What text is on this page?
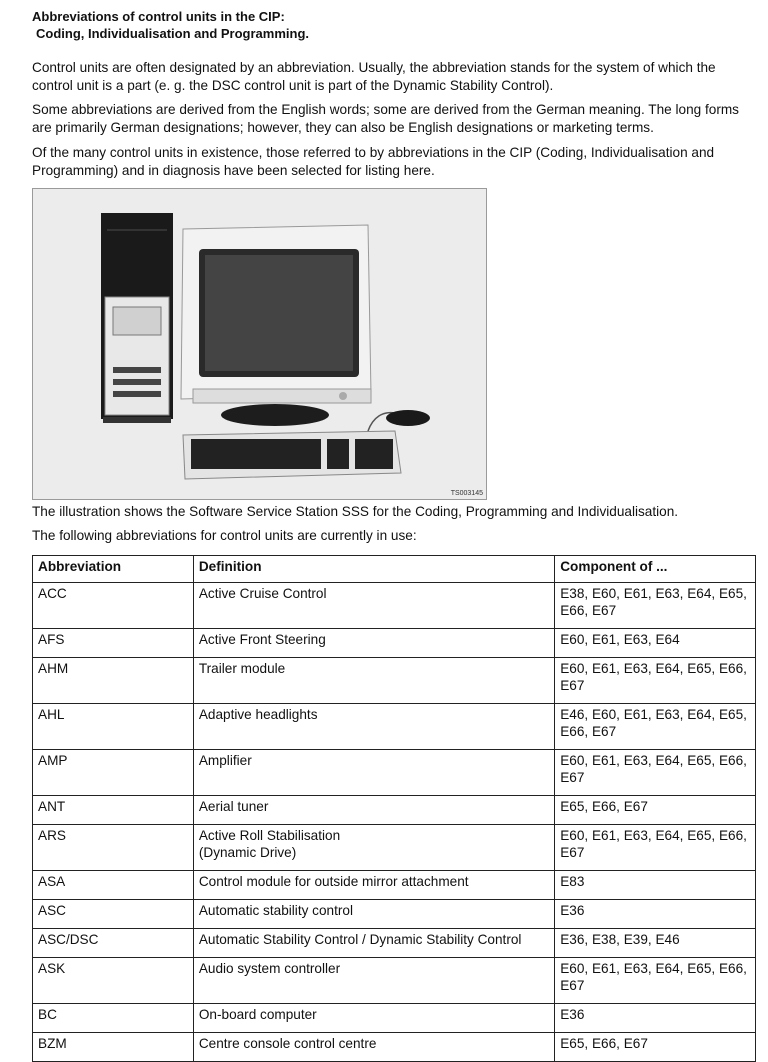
Abbreviations of control units in the CIP:
Coding, Individualisation and Programming.

Control units are often designated by an abbreviation. Usually, the abbreviation stands for the system of which the control unit is a part (e. g. the DSC control unit is part of the Dynamic Stability Control).

Some abbreviations are derived from the English words; some are derived from the German meaning. The long forms are primarily German designations; however, they can also be English designations or marketing terms.

Of the many control units in existence, those referred to by abbreviations in the CIP (Coding, Individualisation and Programming) and in diagnosis have been selected for listing here.

TS003145

The illustration shows the Software Service Station SSS for the Coding, Programming and Individualisation.

The following abbreviations for control units are currently in use:

Abbreviation	Definition	Component of ...
ACC	Active Cruise Control	E38, E60, E61, E63, E64, E65, E66, E67
AFS	Active Front Steering	E60, E61, E63, E64
AHM	Trailer module	E60, E61, E63, E64, E65, E66, E67
AHL	Adaptive headlights	E46, E60, E61, E63, E64, E65, E66, E67
AMP	Amplifier	E60, E61, E63, E64, E65, E66, E67
ANT	Aerial tuner	E65, E66, E67
ARS	Active Roll Stabilisation
(Dynamic Drive)	E60, E61, E63, E64, E65, E66, E67
ASA	Control module for outside mirror attachment	E83
ASC	Automatic stability control	E36
ASC/DSC	Automatic Stability Control / Dynamic Stability Control	E36, E38, E39, E46
ASK	Audio system controller	E60, E61, E63, E64, E65, E66, E67
BC	On-board computer	E36
BZM	Centre console control centre	E65, E66, E67
